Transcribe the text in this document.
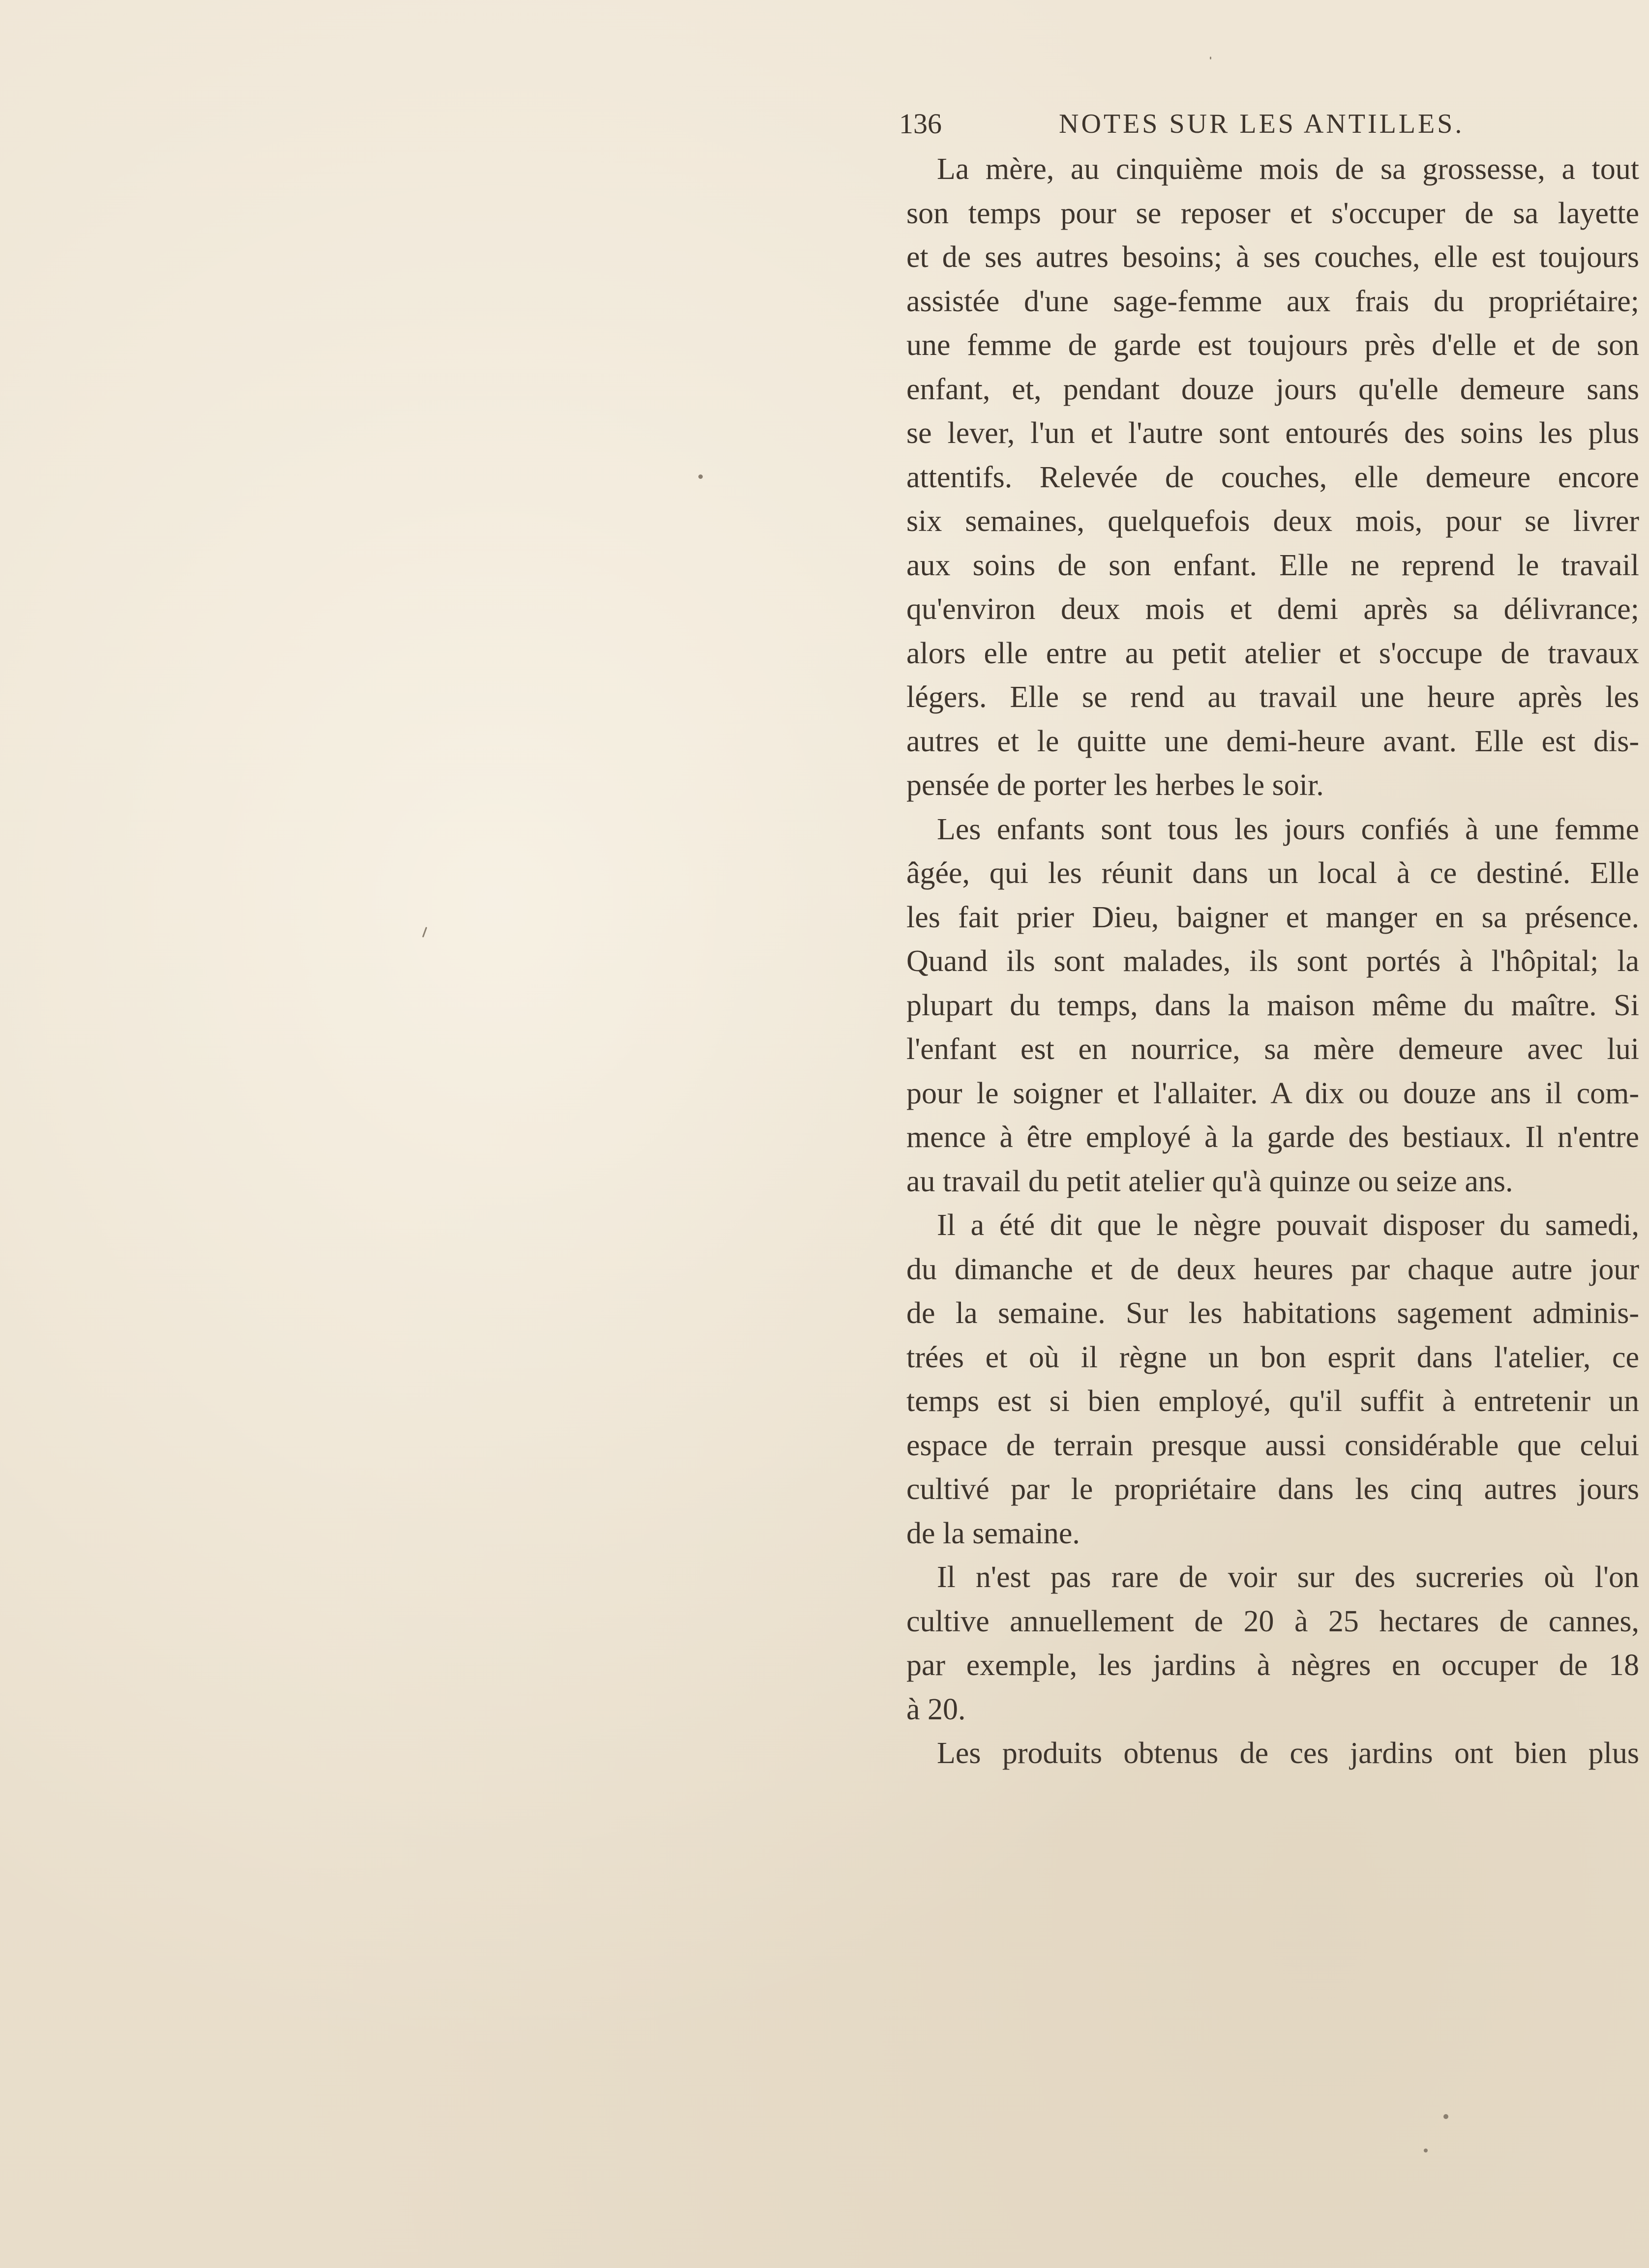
136	NOTES SUR LES ANTILLES.
La mère, au cinquième mois de sa grossesse, a tout
son temps pour se reposer et s'occuper de sa layette
et de ses autres besoins; à ses couches, elle est toujours
assistée d'une sage-femme aux frais du propriétaire;
une femme de garde est toujours près d'elle et de son
enfant, et, pendant douze jours qu'elle demeure sans
se lever, l'un et l'autre sont entourés des soins les plus
attentifs. Relevée de couches, elle demeure encore
six semaines, quelquefois deux mois, pour se livrer
aux soins de son enfant. Elle ne reprend le travail
qu'environ deux mois et demi après sa délivrance;
alors elle entre au petit atelier et s'occupe de travaux
légers. Elle se rend au travail une heure après les
autres et le quitte une demi-heure avant. Elle est dis-
pensée de porter les herbes le soir.
Les enfants sont tous les jours confiés à une femme
âgée, qui les réunit dans un local à ce destiné. Elle
les fait prier Dieu, baigner et manger en sa présence.
Quand ils sont malades, ils sont portés à l'hôpital; la
plupart du temps, dans la maison même du maître. Si
l'enfant est en nourrice, sa mère demeure avec lui
pour le soigner et l'allaiter. A dix ou douze ans il com-
mence à être employé à la garde des bestiaux. Il n'entre
au travail du petit atelier qu'à quinze ou seize ans.
Il a été dit que le nègre pouvait disposer du samedi,
du dimanche et de deux heures par chaque autre jour
de la semaine. Sur les habitations sagement adminis-
trées et où il règne un bon esprit dans l'atelier, ce
temps est si bien employé, qu'il suffit à entretenir un
espace de terrain presque aussi considérable que celui
cultivé par le propriétaire dans les cinq autres jours
de la semaine.
Il n'est pas rare de voir sur des sucreries où l'on
cultive annuellement de 20 à 25 hectares de cannes,
par exemple, les jardins à nègres en occuper de 18
à 20.
Les produits obtenus de ces jardins ont bien plus
